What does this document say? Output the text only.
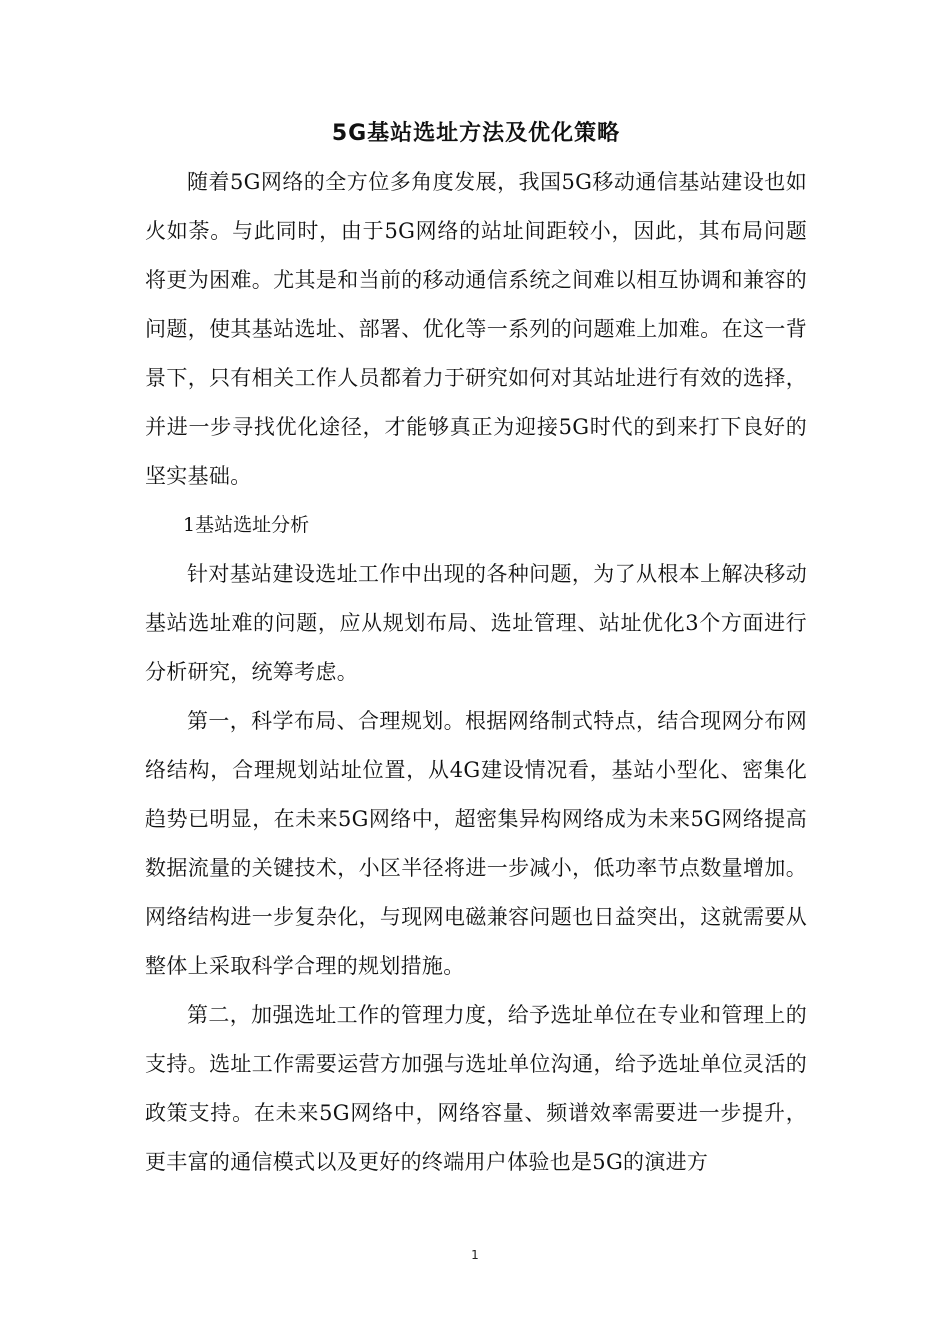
5G基站选址方法及优化策略

随着5G网络的全方位多角度发展，我国5G移动通信基站建设也如火如荼。与此同时，由于5G网络的站址间距较小，因此，其布局问题将更为困难。尤其是和当前的移动通信系统之间难以相互协调和兼容的问题，使其基站选址、部署、优化等一系列的问题难上加难。在这一背景下，只有相关工作人员都着力于研究如何对其站址进行有效的选择，并进一步寻找优化途径，才能够真正为迎接5G时代的到来打下良好的坚实基础。

1基站选址分析

针对基站建设选址工作中出现的各种问题，为了从根本上解决移动基站选址难的问题，应从规划布局、选址管理、站址优化3个方面进行分析研究，统筹考虑。

第一，科学布局、合理规划。根据网络制式特点，结合现网分布网络结构，合理规划站址位置，从4G建设情况看，基站小型化、密集化趋势已明显，在未来5G网络中，超密集异构网络成为未来5G网络提高数据流量的关键技术，小区半径将进一步减小，低功率节点数量增加。网络结构进一步复杂化，与现网电磁兼容问题也日益突出，这就需要从整体上采取科学合理的规划措施。

第二，加强选址工作的管理力度，给予选址单位在专业和管理上的支持。选址工作需要运营方加强与选址单位沟通，给予选址单位灵活的政策支持。在未来5G网络中，网络容量、频谱效率需要进一步提升，更丰富的通信模式以及更好的终端用户体验也是5G的演进方

1
